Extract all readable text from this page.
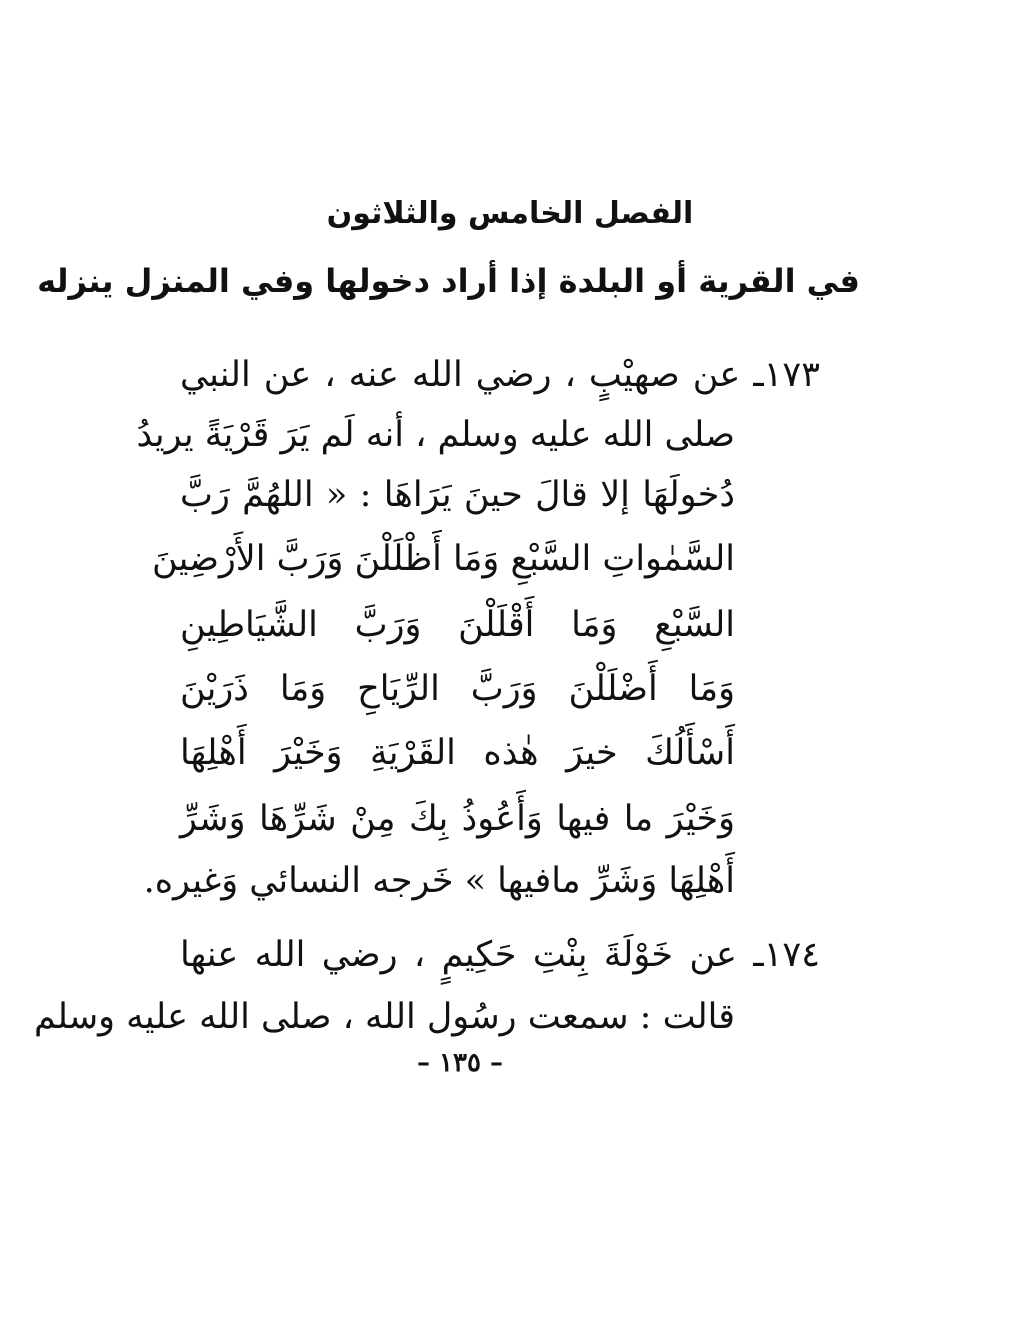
الفصل الخامس والثلاثون
في القرية أو البلدة إذا أراد دخولها وفي المنزل ينزله
١٧٣ـ عن صهيْبٍ ، رضي الله عنه ، عن النبي
صلى الله عليه وسلم ، أنه لَم يَرَ قَرْيَةً يريدُ
دُخولَهَا إلا قالَ حينَ يَرَاهَا : « اللهُمَّ رَبَّ
السَّمٰواتِ السَّبْعِ وَمَا أَظْلَلْنَ وَرَبَّ الأَرْضِينَ
السَّبْعِ وَمَا أَقْلَلْنَ وَرَبَّ الشَّيَاطِينِ
وَمَا أَضْلَلْنَ وَرَبَّ الرِّيَاحِ وَمَا ذَرَيْنَ
أَسْأَلُكَ خيرَ هٰذه القَرْيَةِ وَخَيْرَ أَهْلِهَا
وَخَيْرَ ما فيها وَأَعُوذُ بِكَ مِنْ شَرِّهَا وَشَرِّ
أَهْلِهَا وَشَرِّ مافيها » خَرجه النسائي وَغيره.
١٧٤ـ عن خَوْلَةَ بِنْتِ حَكِيمٍ ، رضي الله عنها
قالت : سمعت رسُول الله ، صلى الله عليه وسلم
– ١٣٥ –
